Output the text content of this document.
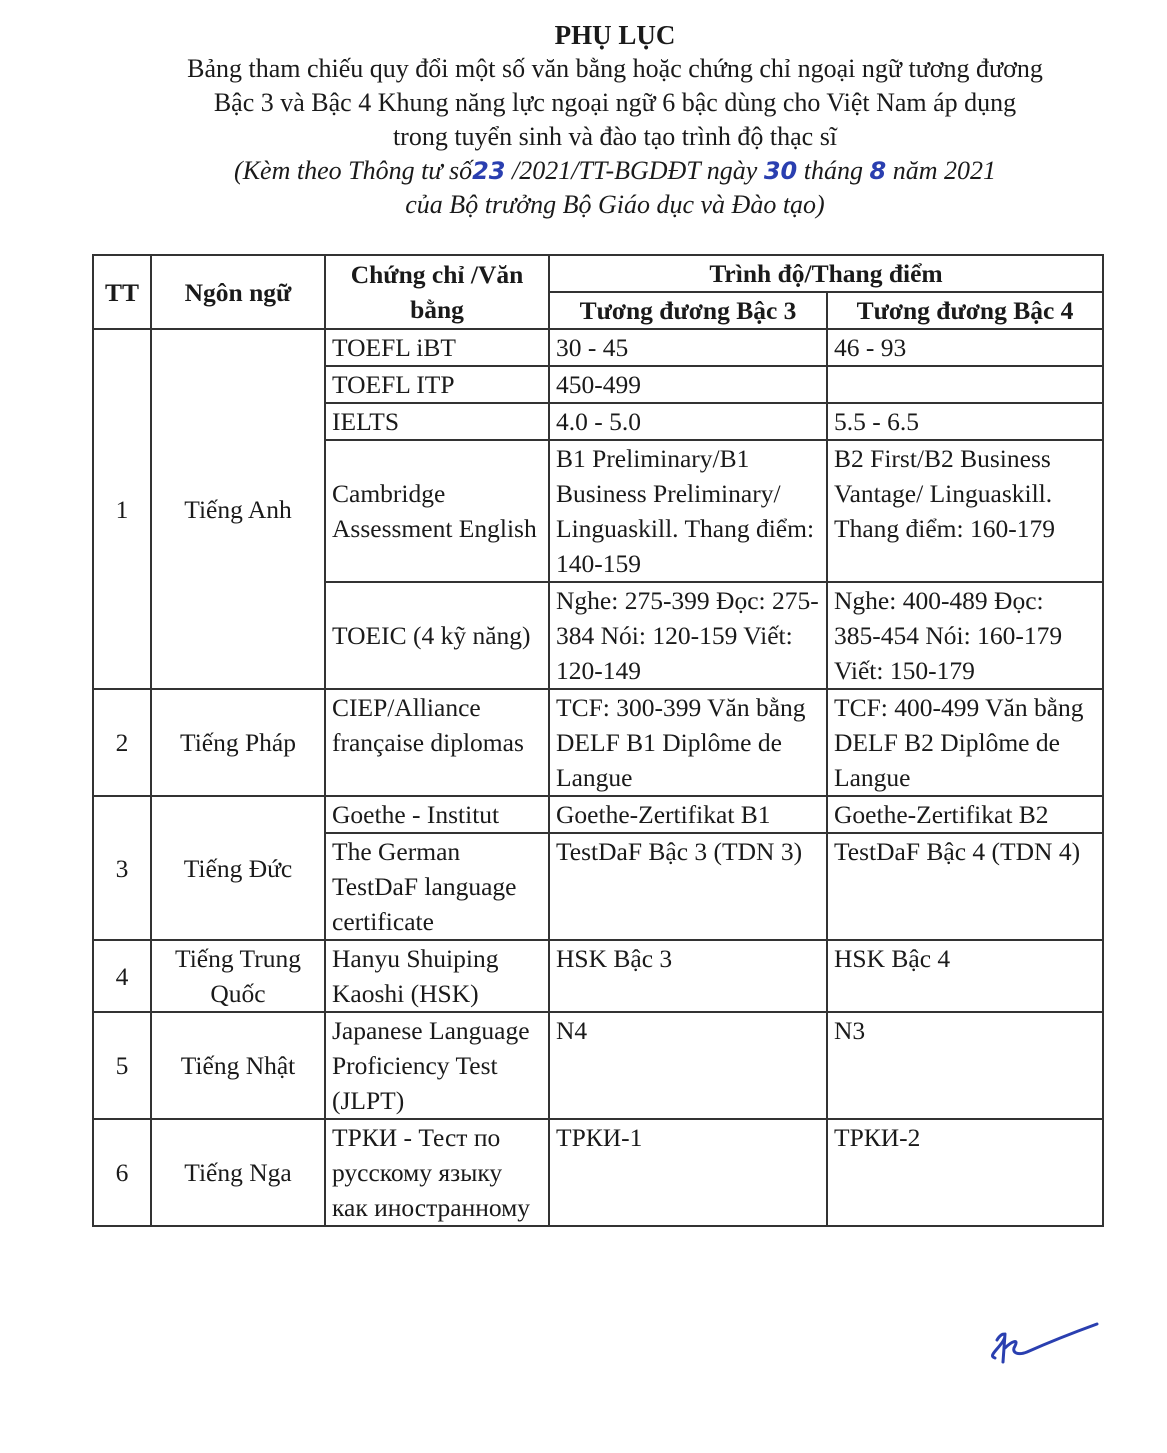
PHỤ LỤC
Bảng tham chiếu quy đổi một số văn bằng hoặc chứng chỉ ngoại ngữ tương đương
Bậc 3 và Bậc 4 Khung năng lực ngoại ngữ 6 bậc dùng cho Việt Nam áp dụng
trong tuyển sinh và đào tạo trình độ thạc sĩ
(Kèm theo Thông tư số23 /2021/TT-BGDĐT ngày 30 tháng 8 năm 2021
của Bộ trưởng Bộ Giáo dục và Đào tạo)
TT	Ngôn ngữ	Chứng chỉ /Văn bằng	Trình độ/Thang điểm	
			Tương đương Bậc 3	Tương đương Bậc 4
1	Tiếng Anh	TOEFL iBT	30 - 45	46 - 93
		TOEFL ITP	450-499	
		IELTS	4.0 - 5.0	5.5 - 6.5
		Cambridge Assessment English	B1 Preliminary/B1 Business Preliminary/ Linguaskill. Thang điểm: 140-159	B2 First/B2 Business Vantage/ Linguaskill. Thang điểm: 160-179
		TOEIC (4 kỹ năng)	Nghe: 275-399 Đọc: 275-384 Nói: 120-159 Viết: 120-149	Nghe: 400-489 Đọc: 385-454 Nói: 160-179 Viết: 150-179
2	Tiếng Pháp	CIEP/Alliance française diplomas	TCF: 300-399 Văn bằng DELF B1 Diplôme de Langue	TCF: 400-499 Văn bằng DELF B2 Diplôme de Langue
3	Tiếng Đức	Goethe - Institut	Goethe-Zertifikat B1	Goethe-Zertifikat B2
		The German TestDaF language certificate	TestDaF Bậc 3 (TDN 3)	TestDaF Bậc 4 (TDN 4)
4	Tiếng Trung Quốc	Hanyu Shuiping Kaoshi (HSK)	HSK Bậc 3	HSK Bậc 4
5	Tiếng Nhật	Japanese Language Proficiency Test (JLPT)	N4	N3
6	Tiếng Nga	ТРКИ - Тест по русскому языку как иностранному	ТРКИ-1	ТРКИ-2
